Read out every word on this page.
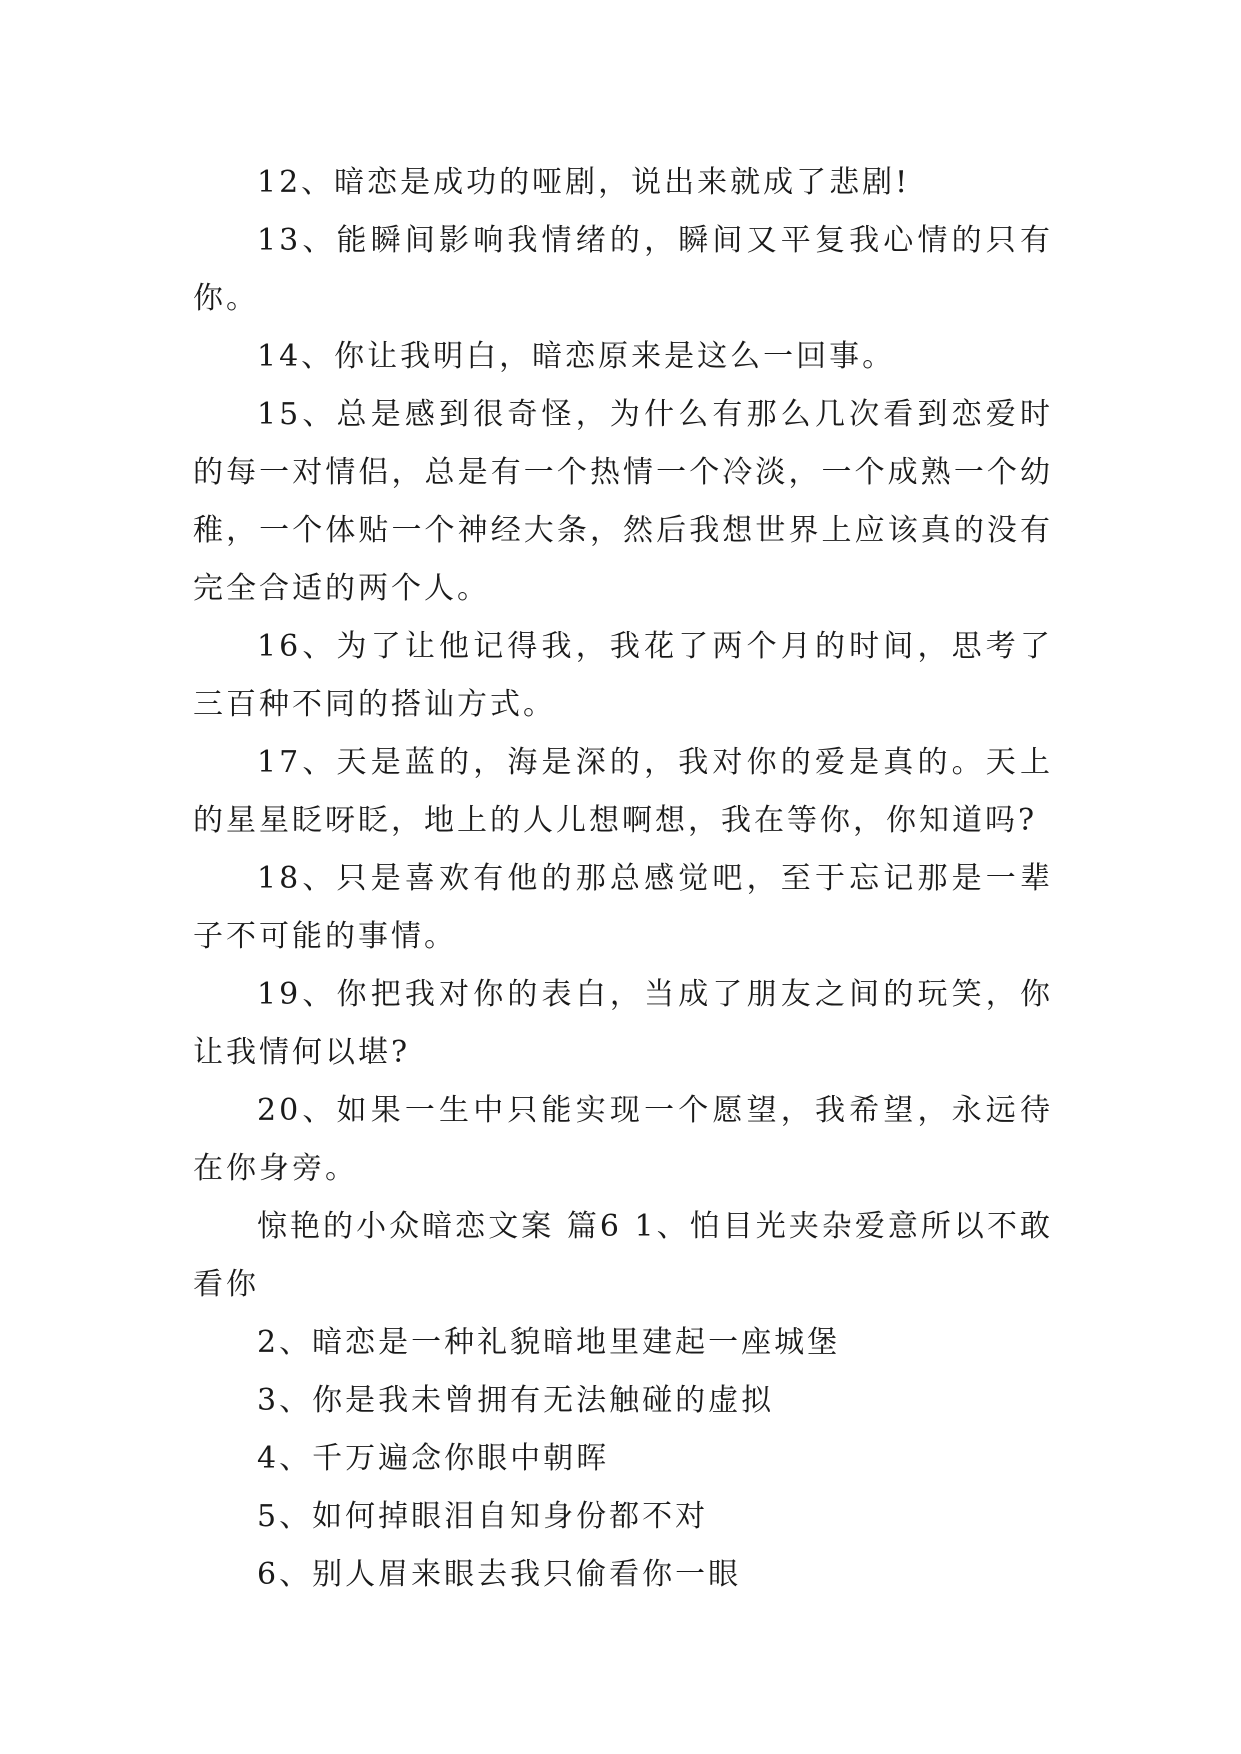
12、暗恋是成功的哑剧，说出来就成了悲剧!

13、能瞬间影响我情绪的，瞬间又平复我心情的只有你。

14、你让我明白，暗恋原来是这么一回事。

15、总是感到很奇怪，为什么有那么几次看到恋爱时的每一对情侣，总是有一个热情一个冷淡，一个成熟一个幼稚，一个体贴一个神经大条，然后我想世界上应该真的没有完全合适的两个人。

16、为了让他记得我，我花了两个月的时间，思考了三百种不同的搭讪方式。

17、天是蓝的，海是深的，我对你的爱是真的。天上的星星眨呀眨，地上的人儿想啊想，我在等你，你知道吗?

18、只是喜欢有他的那总感觉吧，至于忘记那是一辈子不可能的事情。

19、你把我对你的表白，当成了朋友之间的玩笑，你让我情何以堪?

20、如果一生中只能实现一个愿望，我希望，永远待在你身旁。

惊艳的小众暗恋文案 篇6 1、怕目光夹杂爱意所以不敢看你

2、暗恋是一种礼貌暗地里建起一座城堡

3、你是我未曾拥有无法触碰的虚拟

4、千万遍念你眼中朝晖

5、如何掉眼泪自知身份都不对

6、别人眉来眼去我只偷看你一眼
